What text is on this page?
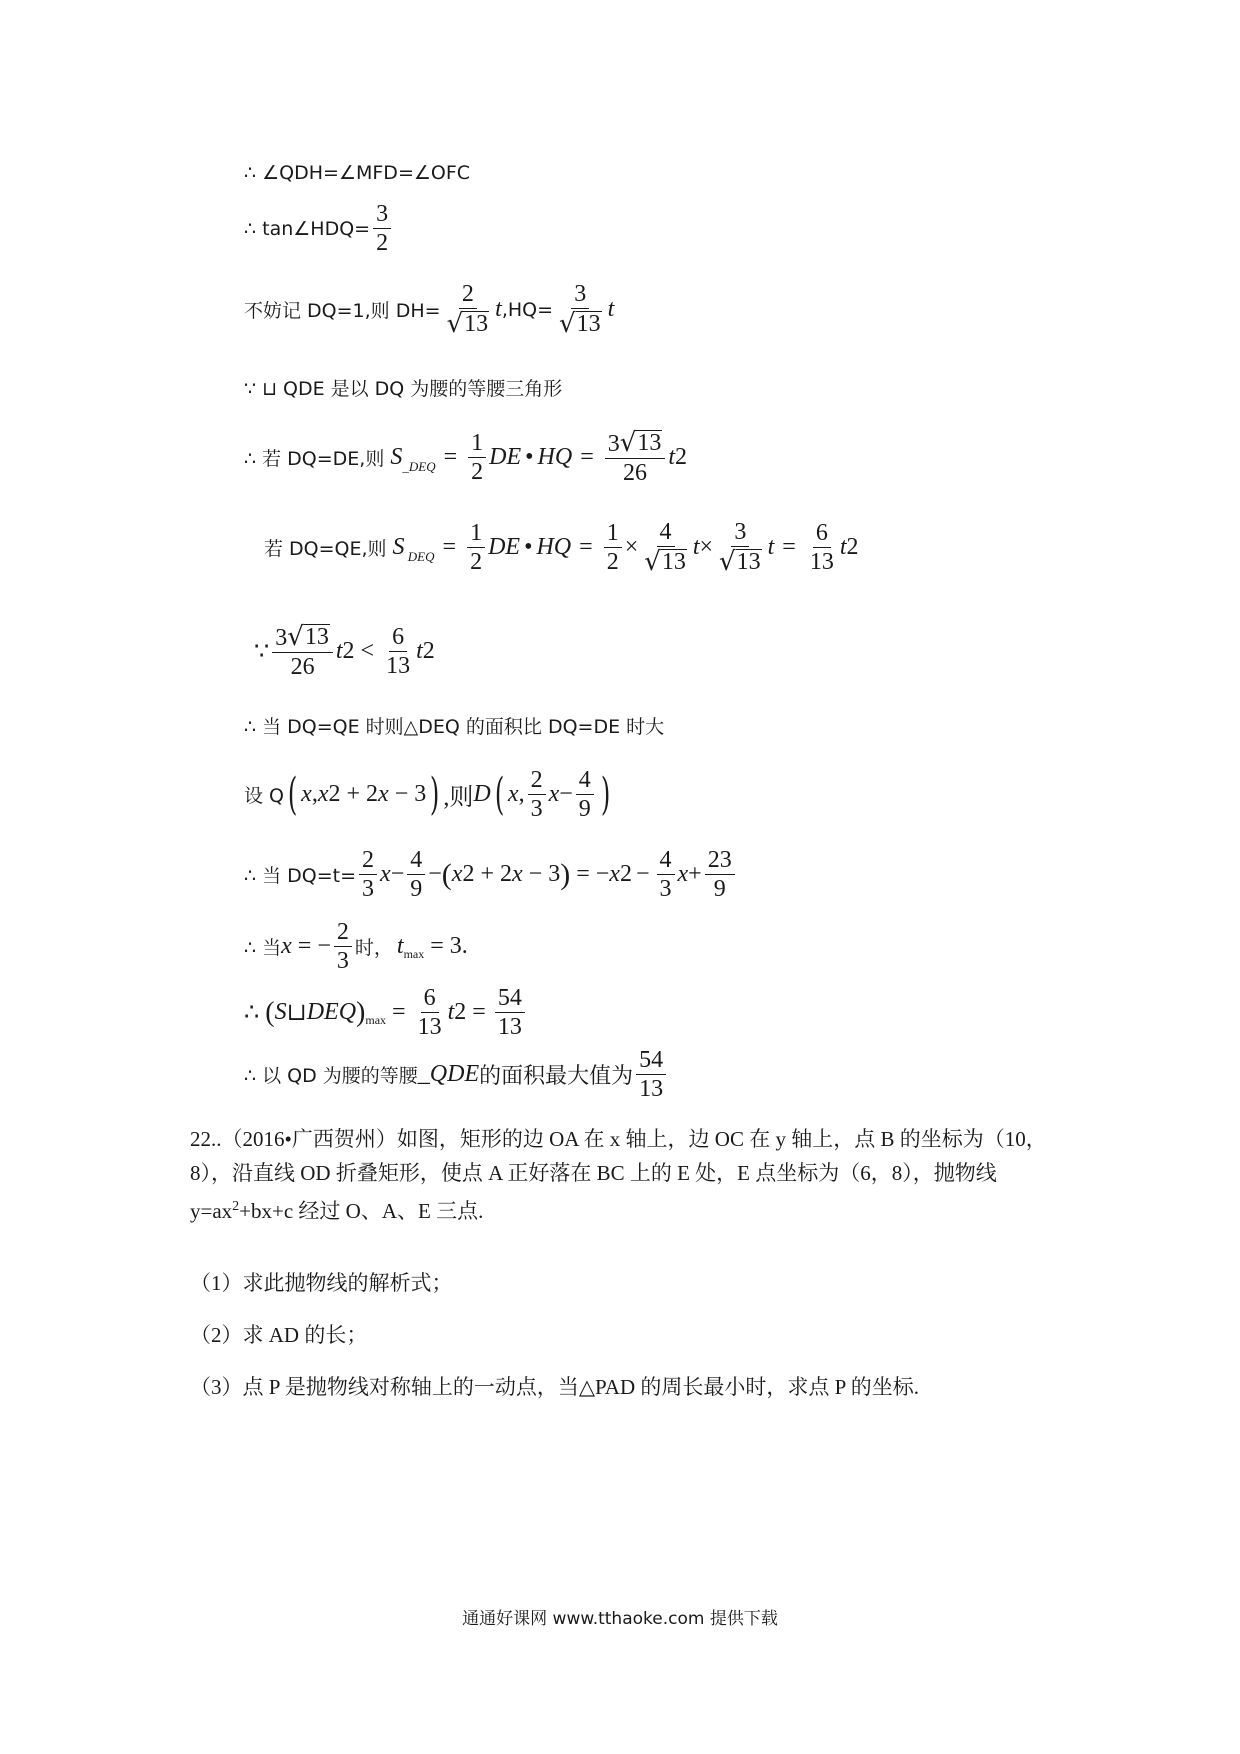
∴ ∠QDH=∠MFD=∠OFC
∴ tan∠HDQ= $\frac{3}{2}$
不妨记 DQ=1,则 $DH= \frac{2}{√ 13}$ t $,HQ= \frac{3}{√ 13}$ t
∵ ⊔ QDE 是以 DQ 为腰的等腰三角形
∴ 若 DQ=DE,则 $S_{\_DEQ} = \frac{1}{2}$ DE • HQ = $\frac{3 √ 13}{26}$ t 2
若 DQ=QE,则 S $_{DEQ} = \frac{1}{2}$ DE • HQ = $\frac{1}{2} \times \frac{4}{√ 13}$ $t \times \frac{3}{√ 13}$ $t = \frac{6}{13}$ t 2
∵ $\frac{3 √ 13}{26}$ t $2 < \frac{6}{13}$ t 2
∴ 当 DQ=QE 时则△DEQ 的面积比 DQ=DE 时大
设 Q ( x , x 2 + 2 x − 3 ) ,则 D ( x , $\frac{2}{3}$ $x - \frac{4}{9}$ )
∴ 当 $DQ=t= \frac{2}{3}$ $x - \frac{4}{9}$ − ( x 2 + 2 x − 3 ) = − x $2 - \frac{4}{3}$ $x + \frac{23}{9}$
∴ 当 x = − $\frac{2}{3}$ 时， $t_{max} = 3$.
∴ ( S ⊔ DEQ )$_{max} = \frac{6}{13}$ t $2 = \frac{54}{13}$
∴ 以 QD 为腰的等腰 _QDE 的面积最大值为 $\frac{54}{13}$
22..（2016•广西贺州）如图，矩形的边 OA 在 x 轴上，边 OC 在 y 轴上，点 B 的坐标为（10，8），沿直线 OD 折叠矩形，使点 A 正好落在 BC 上的 E 处，E 点坐标为（6，8），抛物线 $y=ax^2+bx+c$ 经过 O、A、E 三点.
（1）求此抛物线的解析式；
（2）求 AD 的长；
（3）点 P 是抛物线对称轴上的一动点，当△PAD 的周长最小时，求点 P 的坐标.
通通好课网 www.tthaoke.com 提供下载
